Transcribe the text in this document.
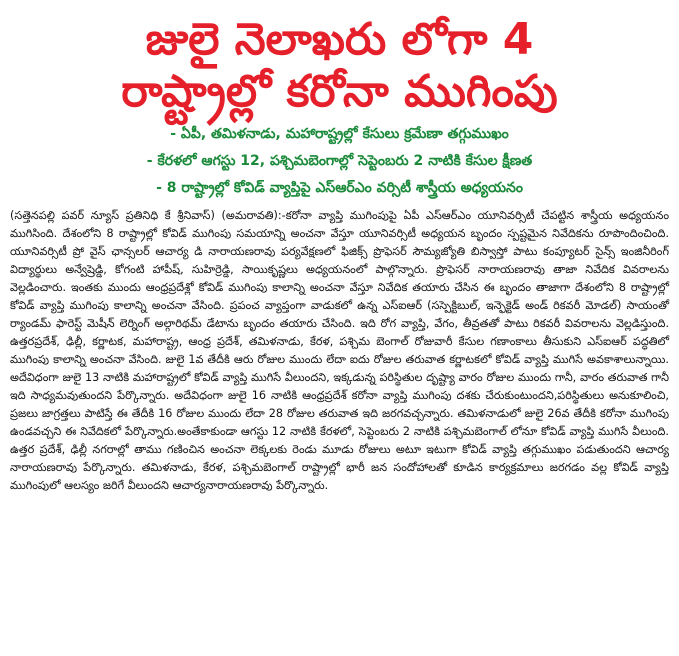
జులై నెలాఖరు లోగా 4
రాష్ట్రాల్లో కరోనా ముగింపు
- ఏపీ, తమిళనాడు, మహారాష్ట్రల్లో కేసులు క్రమేణా తగ్గుముఖం
- కేరళలో ఆగస్టు 12, పశ్చిమబెంగాల్లో సెప్టెంబరు 2 నాటికి కేసుల క్షీణత
- 8 రాష్ట్రాల్లో కోవిడ్ వ్యాప్తిపై ఎస్ఆర్ఎం వర్సిటీ శాస్త్రీయ అధ్యయనం
(సత్తెనపల్లి పవర్ న్యూస్ ప్రతినిధి కే శ్రీనివాస్) (అమరావతి):-కరోనా వ్యాప్తి ముగింపుపై ఏపీ ఎస్ఆర్ఎం యూనివర్సిటీ చేపట్టిన శాస్త్రీయ అధ్యయనం ముగిసింది. దేశంలోని 8 రాష్ట్రాల్లో కోవిడ్ ముగింపు సమయాన్ని అంచనా వేస్తూ యూనివర్సిటీ అధ్యయన బృందం స్పష్టమైన నివేదికను రూపొందించింది. యూనివర్సిటీ ప్రో వైస్ ఛాన్సలర్ ఆచార్య డి నారాయణరావు పర్యవేక్షణలో ఫిజిక్స్ ప్రొఫెసర్ సౌమ్యజ్యోతి బిస్వాస్తో పాటు కంప్యూటర్ సైన్స్ ఇంజినీరింగ్ విద్యార్థులు అన్వేష్రెడ్డి, కోగంటి హాపీష్, సుహిర్రెడ్డి, సాయికృష్ణలు అధ్యయనంలో పాల్గొన్నారు. ప్రొఫెసర్ నారాయణరావు తాజా నివేదిక వివరాలను వెల్లడించారు. ఇంతకు ముందు ఆంధ్రప్రదేశ్లో కోవిడ్ ముగింపు కాలాన్ని అంచనా వేస్తూ నివేదిక తయారు చేసిన ఈ బృందం తాజాగా దేశంలోని 8 రాష్ట్రాల్లో కోవిడ్ వ్యాప్తి ముగింపు కాలాన్ని అంచనా వేసింది. ప్రపంచ వ్యాప్తంగా వాడుకలో ఉన్న ఎస్ఐఆర్ (సస్పెక్టిబుల్, ఇన్ఫెక్టెడ్ అండ్ రికవరీ మోడల్) సాయంతో ర్యాండమ్ ఫారెస్ట్ మెషీన్ లెర్నింగ్ అల్గారిథమ్ డేటాను బృందం తయారు చేసింది. ఇది రోగ వ్యాప్తి, వేగం, తీవ్రతతో పాటు రికవరీ వివరాలను వెల్లడిస్తుంది. ఉత్తరప్రదేశ్, ఢిల్లీ, కర్ణాటక, మహారాష్ట్ర, ఆంధ్ర ప్రదేశ్, తమిళనాడు, కేరళ, పశ్చిమ బెంగాల్ రోజువారీ కేసుల గణాంకాలు తీసుకుని ఎస్ఐఆర్ పద్ధతిలో ముగింపు కాలాన్ని అంచనా వేసింది. జులై 1వ తేదీకి ఆరు రోజుల ముందు లేదా ఐదు రోజుల తరువాత కర్ణాటకలో కోవిడ్ వ్యాప్తి ముగిసే అవకాశాలున్నాయి. అదేవిధంగా జులై 13 నాటికి మహారాష్ట్రలో కోవిడ్ వ్యాప్తి ముగిసే వీలుందని, ఇక్కడున్న పరిస్థితుల దృష్ట్యా వారం రోజుల ముందు గానీ, వారం తరువాత గానీ ఇది సాధ్యమవుతుందని పేర్కొన్నారు. అదేవిధంగా జులై 16 నాటికి ఆంధ్రప్రదేశ్ కరోనా వ్యాప్తి ముగింపు దశకు చేరుకుంటుందని,పరిస్థితులు అనుకూలించి, ప్రజలు జాగ్రత్తలు పాటిస్తే ఈ తేదీకి 16 రోజుల ముందు లేదా 28 రోజుల తరువాత ఇది జరగవచ్చన్నారు. తమిళనాడులో జులై 26వ తేదీకి కరోనా ముగింపు ఉండవచ్చని ఈ నివేదికలో పేర్కొన్నారు.అంతేకాకుండా ఆగస్టు 12 నాటికి కేరళలో, సెప్టెంబరు 2 నాటికి పశ్చిమబెంగాల్ లోనూ కోవిడ్ వ్యాప్తి ముగిసే వీలుంది. ఉత్తర ప్రదేశ్, ఢిల్లీ నగరాల్లో తాము గణించిన అంచనా లెక్కలకు రెండు మూడు రోజులు అటూ ఇటుగా కోవిడ్ వ్యాప్తి తగ్గుముఖం పడుతుందని ఆచార్య నారాయణరావు పేర్కొన్నారు. తమిళనాడు, కేరళ, పశ్చిమబెంగాల్ రాష్ట్రాల్లో భారీ జన సందోహాలతో కూడిన కార్యక్రమాలు జరగడం వల్ల కోవిడ్ వ్యాప్తి ముగింపులో ఆలస్యం జరిగే వీలుందని ఆచార్యనారాయణరావు పేర్కొన్నారు.
